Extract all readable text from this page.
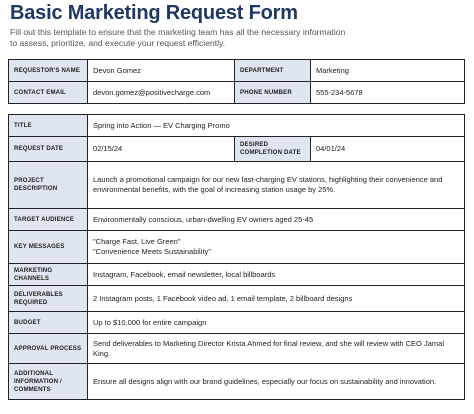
Basic Marketing Request Form
Fill out this template to ensure that the marketing team has all the necessary information to assess, prioritize, and execute your request efficiently.
REQUESTOR'S NAME	Devon Gomez	DEPARTMENT	Marketing
CONTACT EMAIL	devon.gomez@positivecharge.com	PHONE NUMBER	555-234-5678
TITLE	Spring into Action — EV Charging Promo		
REQUEST DATE	02/15/24	DESIRED COMPLETION DATE	04/01/24
PROJECT DESCRIPTION	Launch a promotional campaign for our new fast-charging EV stations, highlighting their convenience and environmental benefits, with the goal of increasing station usage by 25%.		
TARGET AUDIENCE	Environmentally conscious, urban-dwelling EV owners aged 25-45		
KEY MESSAGES	"Charge Fast, Live Green"
"Convenience Meets Sustainability"		
MARKETING CHANNELS	Instagram, Facebook, email newsletter, local billboards		
DELIVERABLES REQUIRED	2 Instagram posts, 1 Facebook video ad, 1 email template, 2 billboard designs		
BUDGET	Up to $10,000 for entire campaign		
APPROVAL PROCESS	Send deliverables to Marketing Director Krista Ahmed for final review, and she will review with CEO Jamal King.		
ADDITIONAL INFORMATION / COMMENTS	Ensure all designs align with our brand guidelines, especially our focus on sustainability and innovation.		
